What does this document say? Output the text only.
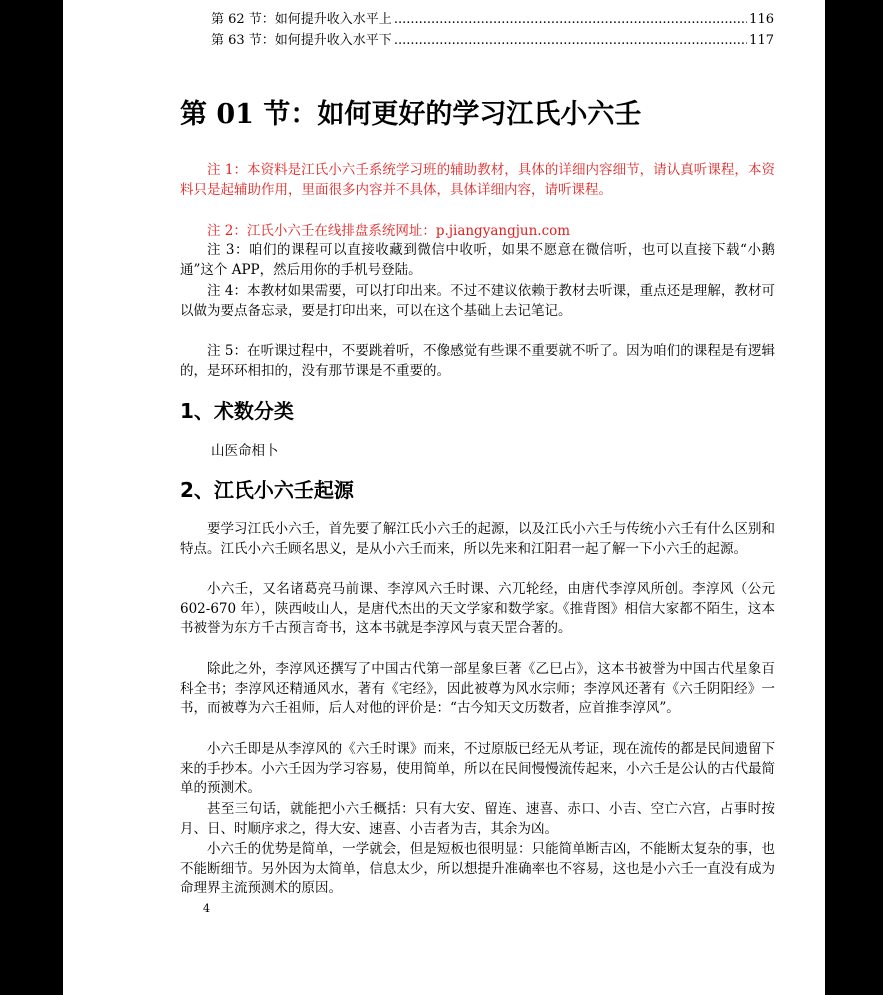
第 62 节：如何提升收入水平上 .....	116
第 63 节：如何提升收入水平下 .....	117
第 01 节：如何更好的学习江氏小六壬

注 1：本资料是江氏小六壬系统学习班的辅助教材，具体的详细内容细节，请认真听课程，本资料只是起辅助作用，里面很多内容并不具体，具体详细内容，请听课程。

注 2：江氏小六壬在线排盘系统网址：p.jiangyangjun.com

注 3：咱们的课程可以直接收藏到微信中收听，如果不愿意在微信听，也可以直接下载“小鹅通”这个 APP，然后用你的手机号登陆。

注 4：本教材如果需要，可以打印出来。不过不建议依赖于教材去听课，重点还是理解，教材可以做为要点备忘录，要是打印出来，可以在这个基础上去记笔记。

注 5：在听课过程中，不要跳着听，不像感觉有些课不重要就不听了。因为咱们的课程是有逻辑的，是环环相扣的，没有那节课是不重要的。

1、术数分类
山医命相卜
2、江氏小六壬起源

要学习江氏小六壬，首先要了解江氏小六壬的起源，以及江氏小六壬与传统小六壬有什么区别和特点。江氏小六壬顾名思义，是从小六壬而来，所以先来和江阳君一起了解一下小六壬的起源。

小六壬，又名诸葛亮马前课、李淳风六壬时课、六兀轮经，由唐代李淳风所创。李淳风（公元 602-670 年），陕西岐山人，是唐代杰出的天文学家和数学家。《推背图》相信大家都不陌生，这本书被誉为东方千古预言奇书，这本书就是李淳风与袁天罡合著的。

除此之外，李淳风还撰写了中国古代第一部星象巨著《乙巳占》，这本书被誉为中国古代星象百科全书；李淳风还精通风水，著有《宅经》，因此被尊为风水宗师；李淳风还著有《六壬阴阳经》一书，而被尊为六壬祖师，后人对他的评价是：“古今知天文历数者，应首推李淳风”。

小六壬即是从李淳风的《六壬时课》而来，不过原版已经无从考证，现在流传的都是民间遗留下来的手抄本。小六壬因为学习容易，使用简单，所以在民间慢慢流传起来，小六壬是公认的古代最简单的预测术。

甚至三句话，就能把小六壬概括：只有大安、留连、速喜、赤口、小吉、空亡六宫，占事时按月、日、时顺序求之，得大安、速喜、小吉者为吉，其余为凶。

小六壬的优势是简单，一学就会，但是短板也很明显：只能简单断吉凶，不能断太复杂的事，也不能断细节。另外因为太简单，信息太少，所以想提升准确率也不容易，这也是小六壬一直没有成为命理界主流预测术的原因。

4
